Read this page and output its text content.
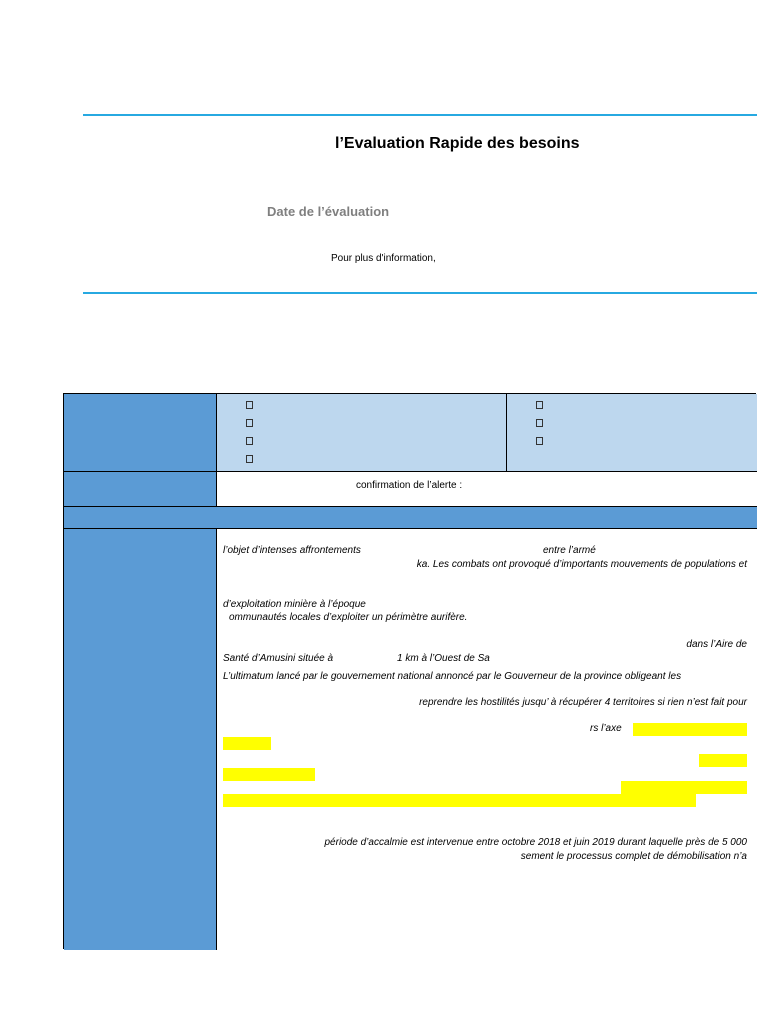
l’Evaluation Rapide des besoins
Date de l’évaluation
Pour plus d'information,
confirmation de l’alerte :
l’objet d’intenses affrontements	entre l’armé
ka. Les combats ont provoqué d’importants mouvements de populations et
d’exploitation minière à l’époque
ommunautés locales d’exploiter un périmètre aurifère.
dans l’Aire de
Santé d’Amusini située à	1 km à l’Ouest de Sa
L’ultimatum lancé par le gouvernement national annoncé par le Gouverneur de la province obligeant les
reprendre les hostilités jusqu’ à récupérer 4 territoires si rien n’est fait pour
rs l’axe
période d’accalmie est intervenue entre octobre 2018 et juin 2019 durant laquelle près de 5 000
sement le processus complet de démobilisation n’a
